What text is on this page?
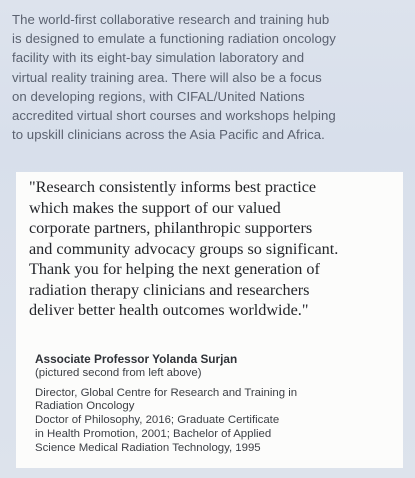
The world-first collaborative research and training hub

is designed to emulate a functioning radiation oncology

facility with its eight-bay simulation laboratory and

virtual reality training area. There will also be a focus

on developing regions, with CIFAL/United Nations

accredited virtual short courses and workshops helping

to upskill clinicians across the Asia Pacific and Africa.

"Research consistently informs best practice

which makes the support of our valued

corporate partners, philanthropic supporters

and community advocacy groups so significant.

Thank you for helping the next generation of

radiation therapy clinicians and researchers

deliver better health outcomes worldwide."

Associate Professor Yolanda Surjan

(pictured second from left above)

Director, Global Centre for Research and Training in

Radiation Oncology

Doctor of Philosophy, 2016; Graduate Certificate

in Health Promotion, 2001; Bachelor of Applied

Science Medical Radiation Technology, 1995
